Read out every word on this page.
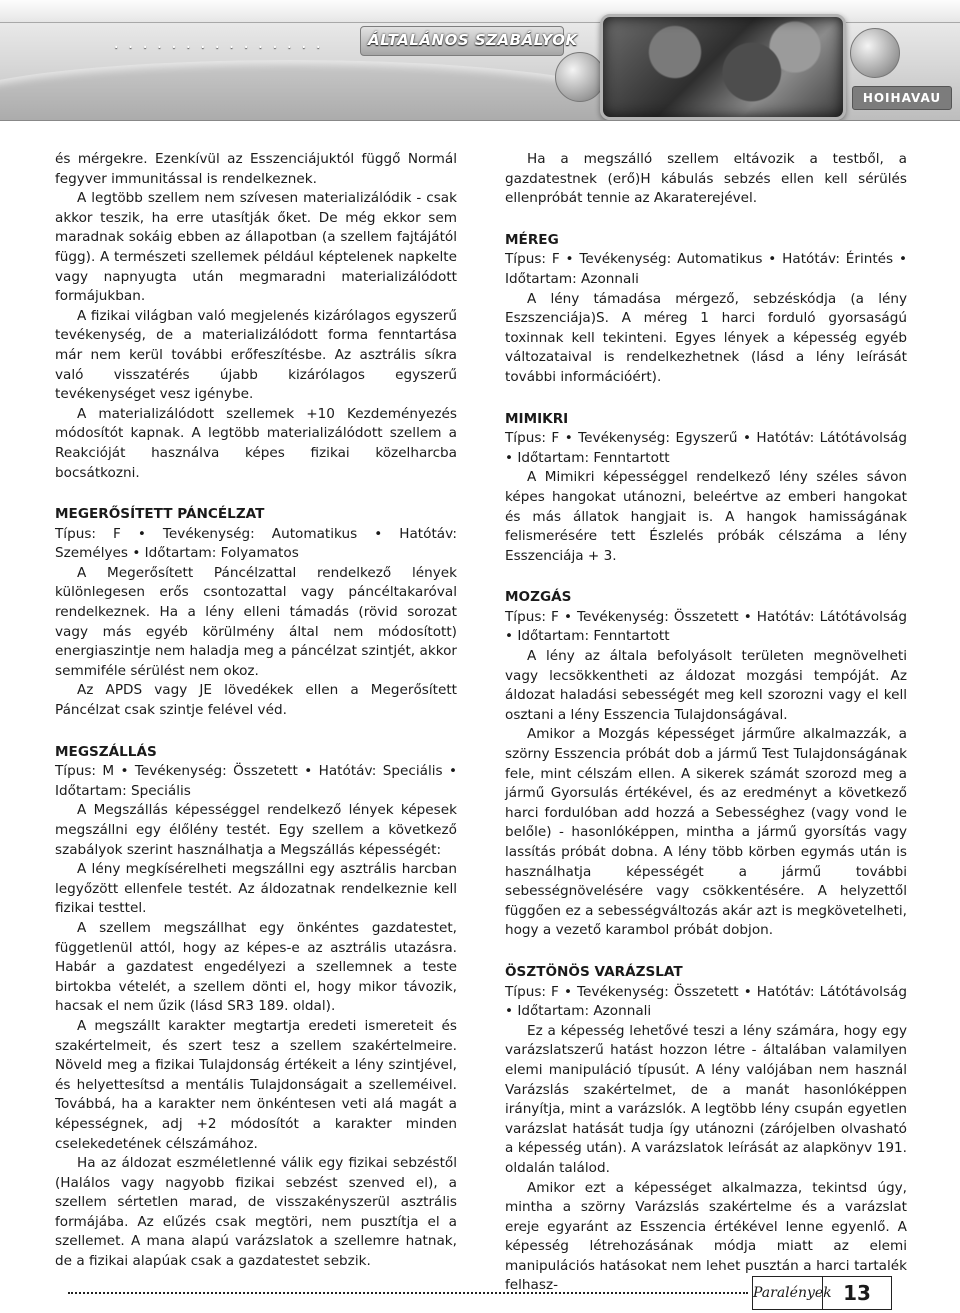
...............	ÁLTALÁNOS SZABÁLYOK
HOIHAVAU

és mérgekre. Ezenkívül az Esszenciájuktól függő Normál fegyver immunitással is rendelkeznek.

A legtöbb szellem nem szívesen materializálódik - csak akkor teszik, ha erre utasítják őket. De még ekkor sem maradnak sokáig ebben az állapotban (a szellem fajtájától függ). A természeti szellemek például képtelenek napkelte vagy napnyugta után megmaradni materializálódott formájukban.

A fizikai világban való megjelenés kizárólagos egyszerű tevékenység, de a materializálódott forma fenntartása már nem kerül további erőfeszítésbe. Az asztrális síkra való visszatérés újabb kizárólagos egyszerű tevékenységet vesz igénybe.

A materializálódott szellemek +10 Kezdeményezés módosítót kapnak. A legtöbb materializálódott szellem a Reakcióját használva képes fizikai közelharcba bocsátkozni.

MEGERŐSÍTETT PÁNCÉLZAT

Típus: F • Tevékenység: Automatikus • Hatótáv: Személyes • Időtartam: Folyamatos

A Megerősített Páncélzattal rendelkező lények különlegesen erős csontozattal vagy páncéltakaróval rendelkeznek. Ha a lény elleni támadás (rövid sorozat vagy más egyéb körülmény által nem módosított) energiaszintje nem haladja meg a páncélzat szintjét, akkor semmiféle sérülést nem okoz.

Az APDS vagy JE lövedékek ellen a Megerősített Páncélzat csak szintje felével véd.

MEGSZÁLLÁS

Típus: M • Tevékenység: Összetett • Hatótáv: Speciális • Időtartam: Speciális

A Megszállás képességgel rendelkező lények képesek megszállni egy élőlény testét. Egy szellem a következő szabályok szerint használhatja a Megszállás képességét:

A lény megkísérelheti megszállni egy asztrális harcban legyőzött ellenfele testét. Az áldozatnak rendelkeznie kell fizikai testtel.

A szellem megszállhat egy önkéntes gazdatestet, függetlenül attól, hogy az képes-e az asztrális utazásra. Habár a gazdatest engedélyezi a szellemnek a teste birtokba vételét, a szellem dönti el, hogy mikor távozik, hacsak el nem űzik (lásd SR3 189. oldal).

A megszállt karakter megtartja eredeti ismereteit és szakértelmeit, és szert tesz a szellem szakértelmeire. Növeld meg a fizikai Tulajdonság értékeit a lény szintjével, és helyettesítsd a mentális Tulajdonságait a szelleméivel. Továbbá, ha a karakter nem önkéntesen veti alá magát a képességnek, adj +2 módosítót a karakter minden cselekedetének célszámához.

Ha az áldozat eszméletlenné válik egy fizikai sebzéstől (Halálos vagy nagyobb fizikai sebzést szenved el), a szellem sértetlen marad, de visszakényszerül asztrális formájába. Az elűzés csak megtöri, nem pusztítja el a szellemet. A mana alapú varázslatok a szellemre hatnak, de a fizikai alapúak csak a gazdatestet sebzik.

Ha a megszálló szellem eltávozik a testből, a gazdatestnek (erő)H kábulás sebzés ellen kell sérülés ellenpróbát tennie az Akaraterejével.

MÉREG

Típus: F • Tevékenység: Automatikus • Hatótáv: Érintés • Időtartam: Azonnali

A lény támadása mérgező, sebzéskódja (a lény Eszszenciája)S. A méreg 1 harci forduló gyorsaságú toxinnak kell tekinteni. Egyes lények a képesség egyéb változataival is rendelkezhetnek (lásd a lény leírását további információért).

MIMIKRI

Típus: F • Tevékenység: Egyszerű • Hatótáv: Látótávolság • Időtartam: Fenntartott

A Mimikri képességgel rendelkező lény széles sávon képes hangokat utánozni, beleértve az emberi hangokat és más állatok hangjait is. A hangok hamisságának felismerésére tett Észlelés próbák célszáma a lény Esszenciája + 3.

MOZGÁS

Típus: F • Tevékenység: Összetett • Hatótáv: Látótávolság • Időtartam: Fenntartott

A lény az általa befolyásolt területen megnövelheti vagy lecsökkentheti az áldozat mozgási tempóját. Az áldozat haladási sebességét meg kell szorozni vagy el kell osztani a lény Esszencia Tulajdonságával.

Amikor a Mozgás képességet járműre alkalmazzák, a szörny Esszencia próbát dob a jármű Test Tulajdonságának fele, mint célszám ellen. A sikerek számát szorozd meg a jármű Gyorsulás értékével, és az eredményt a következő harci fordulóban add hozzá a Sebességhez (vagy vond le belőle) - hasonlóképpen, mintha a jármű gyorsítás vagy lassítás próbát dobna. A lény több körben egymás után is használhatja képességét a jármű további sebességnövelésére vagy csökkentésére. A helyzettől függően ez a sebességváltozás akár azt is megkövetelheti, hogy a vezető karambol próbát dobjon.

ÖSZTÖNÖS VARÁZSLAT

Típus: F • Tevékenység: Összetett • Hatótáv: Látótávolság • Időtartam: Azonnali

Ez a képesség lehetővé teszi a lény számára, hogy egy varázslatszerű hatást hozzon létre - általában valamilyen elemi manipuláció típusút. A lény valójában nem használ Varázslás szakértelmet, de a manát hasonlóképpen irányítja, mint a varázslók. A legtöbb lény csupán egyetlen varázslat hatását tudja így utánozni (zárójelben olvasható a képesség után). A varázslatok leírását az alapkönyv 191. oldalán találod.

Amikor ezt a képességet alkalmazza, tekintsd úgy, mintha a szörny Varázslás szakértelme és a varázslat ereje egyaránt az Esszencia értékével lenne egyenlő. A képesség létrehozásának módja miatt az elemi manipulációs hatásokat nem lehet pusztán a harci tartalék felhasz-	Paralények 13
